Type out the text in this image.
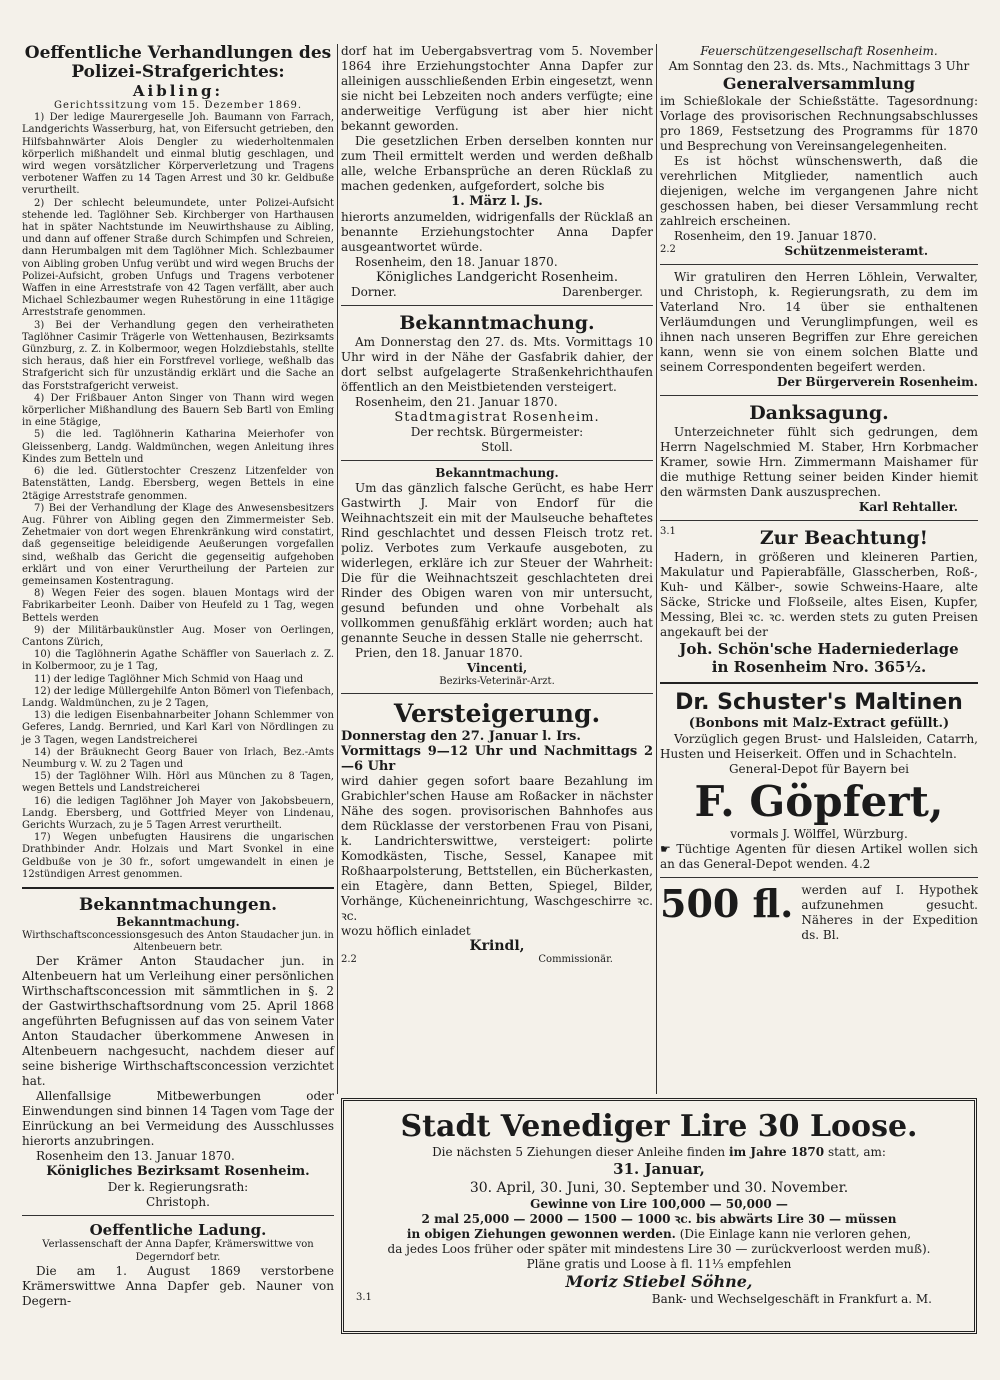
Oeffentliche Verhandlungen des Polizei-Strafgerichtes:
Aibling:
Gerichtssitzung vom 15. Dezember 1869.

1) Der ledige Maurergeselle Joh. Baumann von Farrach, Landgerichts Wasserburg, hat, von Eifersucht getrieben, den Hilfsbahnwärter Alois Dengler zu wiederholtenmalen körperlich mißhandelt und einmal blutig geschlagen, und wird wegen vorsätzlicher Körperverletzung und Tragens verbotener Waffen zu 14 Tagen Arrest und 30 kr. Geldbuße verurtheilt.

2) Der schlecht beleumundete, unter Polizei-Aufsicht stehende led. Taglöhner Seb. Kirchberger von Harthausen hat in später Nachtstunde im Neuwirthshause zu Aibling, und dann auf offener Straße durch Schimpfen und Schreien, dann Herumbalgen mit dem Taglöhner Mich. Schlezbaumer von Aibling groben Unfug verübt und wird wegen Bruchs der Polizei-Aufsicht, groben Unfugs und Tragens verbotener Waffen in eine Arreststrafe von 42 Tagen verfällt, aber auch Michael Schlezbaumer wegen Ruhestörung in eine 11tägige Arreststrafe genommen.

3) Bei der Verhandlung gegen den verheiratheten Taglöhner Casimir Trägerle von Wettenhausen, Bezirksamts Günzburg, z. Z. in Kolbermoor, wegen Holzdiebstahls, stellte sich heraus, daß hier ein Forstfrevel vorliege, weßhalb das Strafgericht sich für unzuständig erklärt und die Sache an das Forststrafgericht verweist.

4) Der Frißbauer Anton Singer von Thann wird wegen körperlicher Mißhandlung des Bauern Seb Bartl von Emling in eine 5tägige,

5) die led. Taglöhnerin Katharina Meierhofer von Gleissenberg, Landg. Waldmünchen, wegen Anleitung ihres Kindes zum Betteln und

6) die led. Gütlerstochter Creszenz Litzenfelder von Batenstätten, Landg. Ebersberg, wegen Bettels in eine 2tägige Arreststrafe genommen.

7) Bei der Verhandlung der Klage des Anwesensbesitzers Aug. Führer von Aibling gegen den Zimmermeister Seb. Zehetmaier von dort wegen Ehrenkränkung wird constatirt, daß gegenseitige beleidigende Aeußerungen vorgefallen sind, weßhalb das Gericht die gegenseitig aufgehoben erklärt und von einer Verurtheilung der Parteien zur gemeinsamen Kostentragung.

8) Wegen Feier des sogen. blauen Montags wird der Fabrikarbeiter Leonh. Daiber von Heufeld zu 1 Tag, wegen Bettels werden

9) der Militärbaukünstler Aug. Moser von Oerlingen, Cantons Zürich,

10) die Taglöhnerin Agathe Schäffler von Sauerlach z. Z. in Kolbermoor, zu je 1 Tag,

11) der ledige Taglöhner Mich Schmid von Haag und

12) der ledige Müllergehilfe Anton Bömerl von Tiefenbach, Landg. Waldmünchen, zu je 2 Tagen,

13) die ledigen Eisenbahnarbeiter Johann Schlemmer von Geferes, Landg. Bernried, und Karl Karl von Nördlingen zu je 3 Tagen, wegen Landstreicherei

14) der Bräuknecht Georg Bauer von Irlach, Bez.-Amts Neumburg v. W. zu 2 Tagen und

15) der Taglöhner Wilh. Hörl aus München zu 8 Tagen, wegen Bettels und Landstreicherei

16) die ledigen Taglöhner Joh Mayer von Jakobsbeuern, Landg. Ebersberg, und Gottfried Meyer von Lindenau, Gerichts Wurzach, zu je 5 Tagen Arrest verurtheilt.

17) Wegen unbefugten Hausirens die ungarischen Drathbinder Andr. Holzais und Mart Svonkel in eine Geldbuße von je 30 fr., sofort umgewandelt in einen je 12stündigen Arrest genommen.

Bekanntmachungen.
Bekanntmachung.
Wirthschaftsconcessionsgesuch des Anton Staudacher jun. in Altenbeuern betr.

Der Krämer Anton Staudacher jun. in Altenbeuern hat um Verleihung einer persönlichen Wirthschaftsconcession mit sämmtlichen in §. 2 der Gastwirthschaftsordnung vom 25. April 1868 angeführten Befugnissen auf das von seinem Vater Anton Staudacher überkommene Anwesen in Altenbeuern nachgesucht, nachdem dieser auf seine bisherige Wirthschaftsconcession verzichtet hat.

Allenfallsige Mitbewerbungen oder Einwendungen sind binnen 14 Tagen vom Tage der Einrückung an bei Vermeidung des Ausschlusses hierorts anzubringen.

Rosenheim den 13. Januar 1870.

Königliches Bezirksamt Rosenheim.
Der k. Regierungsrath:
Christoph.
Oeffentliche Ladung.
Verlassenschaft der Anna Dapfer, Krämerswittwe von Degerndorf betr.

Die am 1. August 1869 verstorbene Krämerswittwe Anna Dapfer geb. Nauner von Degern-

dorf hat im Uebergabsvertrag vom 5. November 1864 ihre Erziehungstochter Anna Dapfer zur alleinigen ausschließenden Erbin eingesetzt, wenn sie nicht bei Lebzeiten noch anders verfügte; eine anderweitige Verfügung ist aber hier nicht bekannt geworden.

Die gesetzlichen Erben derselben konnten nur zum Theil ermittelt werden und werden deßhalb alle, welche Erbansprüche an deren Rücklaß zu machen gedenken, aufgefordert, solche bis

1. März l. Js.

hierorts anzumelden, widrigenfalls der Rücklaß an benannte Erziehungstochter Anna Dapfer ausgeantwortet würde.

Rosenheim, den 18. Januar 1870.

Königliches Landgericht Rosenheim.
Dorner.	Darenberger.
Bekanntmachung.

Am Donnerstag den 27. ds. Mts. Vormittags 10 Uhr wird in der Nähe der Gasfabrik dahier, der dort selbst aufgelagerte Straßenkehrichthaufen öffentlich an den Meistbietenden versteigert.

Rosenheim, den 21. Januar 1870.

Stadtmagistrat Rosenheim.
Der rechtsk. Bürgermeister:
Stoll.
Bekanntmachung.

Um das gänzlich falsche Gerücht, es habe Herr Gastwirth J. Mair von Endorf für die Weihnachtszeit ein mit der Maulseuche behaftetes Rind geschlachtet und dessen Fleisch trotz ret. poliz. Verbotes zum Verkaufe ausgeboten, zu widerlegen, erkläre ich zur Steuer der Wahrheit: Die für die Weihnachtszeit geschlachteten drei Rinder des Obigen waren von mir untersucht, gesund befunden und ohne Vorbehalt als vollkommen genußfähig erklärt worden; auch hat genannte Seuche in dessen Stalle nie geherrscht.

Prien, den 18. Januar 1870.

Vincenti,
Bezirks-Veterinär-Arzt.
Versteigerung.
Donnerstag den 27. Januar l. Irs.
Vormittags 9—12 Uhr und Nachmittags 2—6 Uhr

wird dahier gegen sofort baare Bezahlung im Grabichler'schen Hause am Roßacker in nächster Nähe des sogen. provisorischen Bahnhofes aus dem Rücklasse der verstorbenen Frau von Pisani, k. Landrichterswittwe, versteigert: polirte Komodkästen, Tische, Sessel, Kanapee mit Roßhaarpolsterung, Bettstellen, ein Bücherkasten, ein Etagère, dann Betten, Spiegel, Bilder, Vorhänge, Kücheneinrichtung, Waschgeschirre ꝛc. ꝛc.

wozu höflich einladet

Krindl,
2.2	Commissionär.
Feuerschützengesellschaft Rosenheim.
Am Sonntag den 23. ds. Mts., Nachmittags 3 Uhr
Generalversammlung

im Schießlokale der Schießstätte. Tagesordnung: Vorlage des provisorischen Rechnungsabschlusses pro 1869, Festsetzung des Programms für 1870 und Besprechung von Vereinsangelegenheiten.

Es ist höchst wünschenswerth, daß die verehrlichen Mitglieder, namentlich auch diejenigen, welche im vergangenen Jahre nicht geschossen haben, bei dieser Versammlung recht zahlreich erscheinen.

Rosenheim, den 19. Januar 1870.

2.2	Schützenmeisteramt.

Wir gratuliren den Herren Löhlein, Verwalter, und Christoph, k. Regierungsrath, zu dem im Vaterland Nro. 14 über sie enthaltenen Verläumdungen und Verunglimpfungen, weil es ihnen nach unseren Begriffen zur Ehre gereichen kann, wenn sie von einem solchen Blatte und seinem Correspondenten begeifert werden.

Der Bürgerverein Rosenheim.
Danksagung.

Unterzeichneter fühlt sich gedrungen, dem Herrn Nagelschmied M. Staber, Hrn Korbmacher Kramer, sowie Hrn. Zimmermann Maishamer für die muthige Rettung seiner beiden Kinder hiemit den wärmsten Dank auszusprechen.

Karl Rehtaller.
3.1	Zur Beachtung!

Hadern, in größeren und kleineren Partien, Makulatur und Papierabfälle, Glasscherben, Roß-, Kuh- und Kälber-, sowie Schweins-Haare, alte Säcke, Stricke und Floßseile, altes Eisen, Kupfer, Messing, Blei ꝛc. ꝛc. werden stets zu guten Preisen angekauft bei der

Joh. Schön'sche Haderniederlage
in Rosenheim Nro. 365½.
Dr. Schuster's Maltinen
(Bonbons mit Malz-Extract gefüllt.)

Vorzüglich gegen Brust- und Halsleiden, Catarrh, Husten und Heiserkeit. Offen und in Schachteln.

General-Depot für Bayern bei
F. Göpfert,
vormals J. Wölffel, Würzburg.
☛ Tüchtige Agenten für diesen Artikel wollen sich an das General-Depot wenden. 4.2
500 fl. werden auf I. Hypothek aufzunehmen gesucht. Näheres in der Expedition ds. Bl.
Stadt Venediger Lire 30 Loose.
Die nächsten 5 Ziehungen dieser Anleihe finden im Jahre 1870 statt, am:
31. Januar,
30. April, 30. Juni, 30. September und 30. November.
Gewinne von Lire 100,000 — 50,000 —
2 mal 25,000 — 2000 — 1500 — 1000 ꝛc. bis abwärts Lire 30 — müssen
in obigen Ziehungen gewonnen werden. (Die Einlage kann nie verloren gehen,
da jedes Loos früher oder später mit mindestens Lire 30 — zurückverloost werden muß).
Pläne gratis und Loose à fl. 11⅓ empfehlen
Moriz Stiebel Söhne,
3.1	Bank- und Wechselgeschäft in Frankfurt a. M.
